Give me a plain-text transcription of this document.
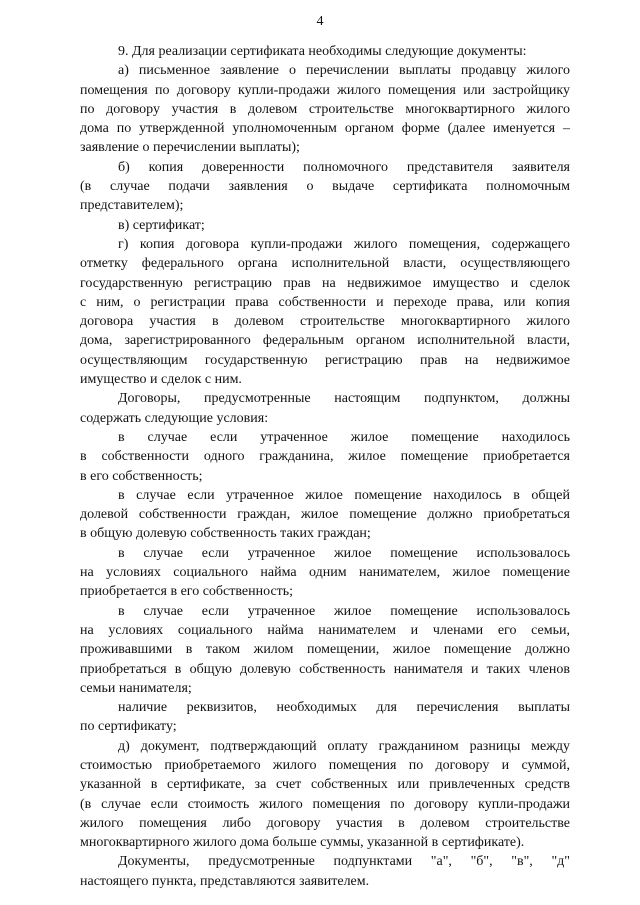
4
9. Для реализации сертификата необходимы следующие документы:
а) письменное заявление о перечислении выплаты продавцу жилого
помещения по договору купли-продажи жилого помещения или застройщику
по договору участия в долевом строительстве многоквартирного жилого
дома по утвержденной уполномоченным органом форме (далее именуется –
заявление о перечислении выплаты);
б) копия доверенности полномочного представителя заявителя
(в случае подачи заявления о выдаче сертификата полномочным
представителем);
в) сертификат;
г) копия договора купли-продажи жилого помещения, содержащего
отметку федерального органа исполнительной власти, осуществляющего
государственную регистрацию прав на недвижимое имущество и сделок
с ним, о регистрации права собственности и переходе права, или копия
договора участия в долевом строительстве многоквартирного жилого
дома, зарегистрированного федеральным органом исполнительной власти,
осуществляющим государственную регистрацию прав на недвижимое
имущество и сделок с ним.
Договоры, предусмотренные настоящим подпунктом, должны
содержать следующие условия:
в случае если утраченное жилое помещение находилось
в собственности одного гражданина, жилое помещение приобретается
в его собственность;
в случае если утраченное жилое помещение находилось в общей
долевой собственности граждан, жилое помещение должно приобретаться
в общую долевую собственность таких граждан;
в случае если утраченное жилое помещение использовалось
на условиях социального найма одним нанимателем, жилое помещение
приобретается в его собственность;
в случае если утраченное жилое помещение использовалось
на условиях социального найма нанимателем и членами его семьи,
проживавшими в таком жилом помещении, жилое помещение должно
приобретаться в общую долевую собственность нанимателя и таких членов
семьи нанимателя;
наличие реквизитов, необходимых для перечисления выплаты
по сертификату;
д) документ, подтверждающий оплату гражданином разницы между
стоимостью приобретаемого жилого помещения по договору и суммой,
указанной в сертификате, за счет собственных или привлеченных средств
(в случае если стоимость жилого помещения по договору купли-продажи
жилого помещения либо договору участия в долевом строительстве
многоквартирного жилого дома больше суммы, указанной в сертификате).
Документы, предусмотренные подпунктами "а", "б", "в", "д"
настоящего пункта, представляются заявителем.
